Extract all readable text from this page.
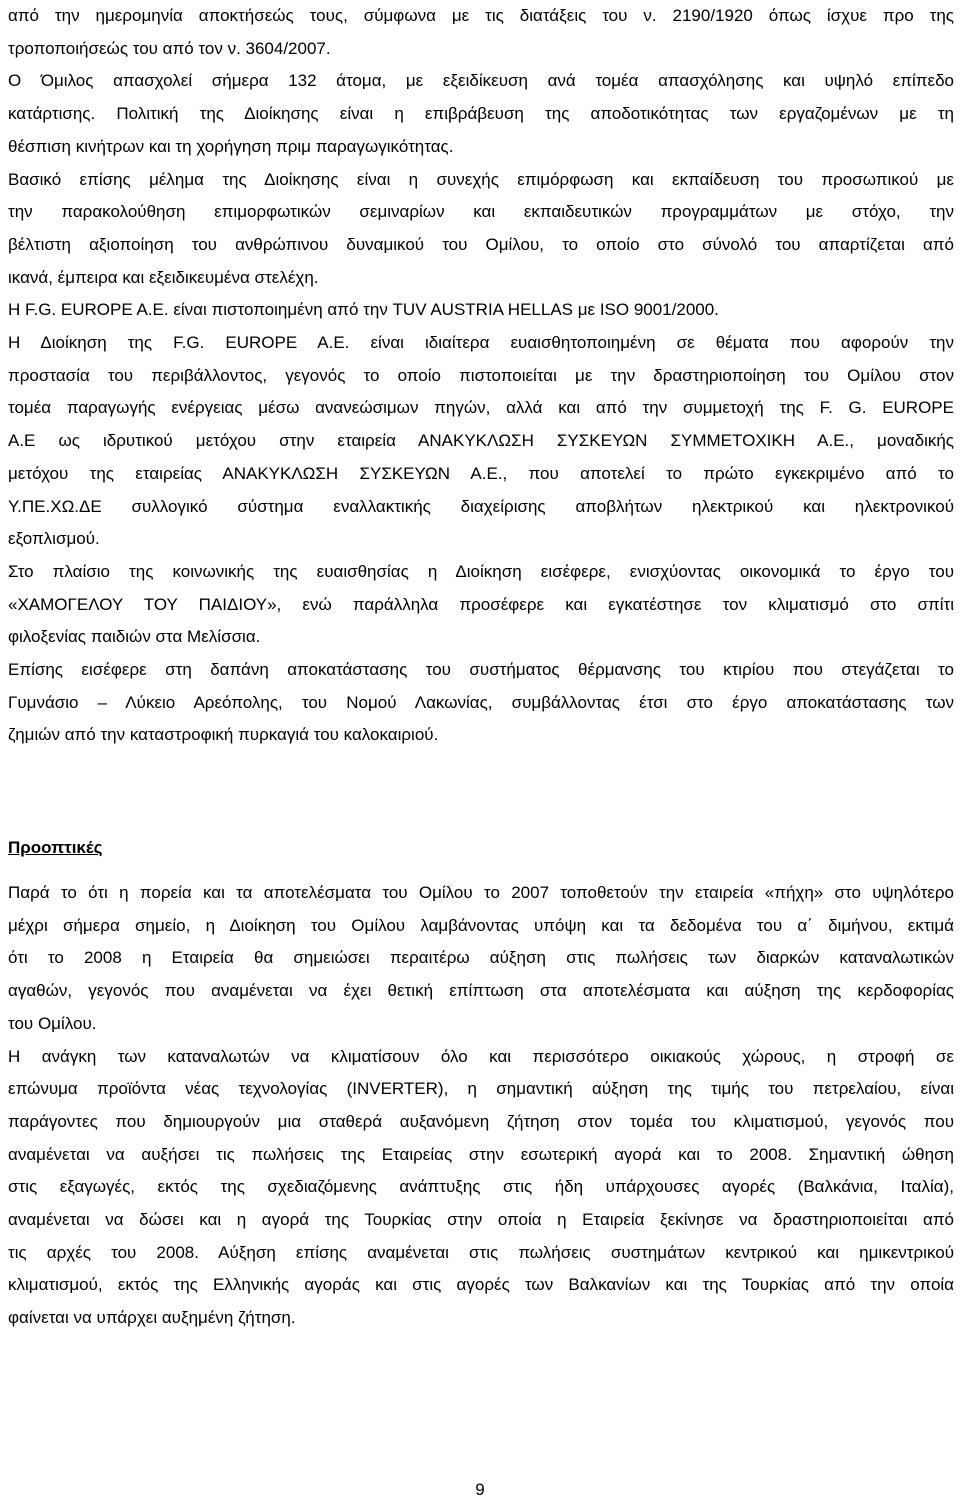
από την ημερομηνία αποκτήσεώς τους, σύμφωνα με τις διατάξεις του ν. 2190/1920 όπως ίσχυε προ της
τροποποιήσεώς του από τον ν. 3604/2007.
Ο Όμιλος απασχολεί σήμερα 132 άτομα, με εξειδίκευση ανά τομέα απασχόλησης και υψηλό επίπεδο
κατάρτισης. Πολιτική της Διοίκησης είναι η επιβράβευση της αποδοτικότητας των εργαζομένων με τη
θέσπιση κινήτρων και τη χορήγηση πριμ παραγωγικότητας.
Βασικό επίσης μέλημα της Διοίκησης είναι η συνεχής επιμόρφωση και εκπαίδευση του προσωπικού με
την παρακολούθηση επιμορφωτικών σεμιναρίων και εκπαιδευτικών προγραμμάτων με στόχο, την
βέλτιστη αξιοποίηση του ανθρώπινου δυναμικού του Ομίλου, το οποίο στο σύνολό του απαρτίζεται από
ικανά, έμπειρα και εξειδικευμένα στελέχη.
Η F.G. EUROPE A.E. είναι πιστοποιημένη από την TUV AUSTRIA HELLAS με ISO 9001/2000.
Η Διοίκηση της F.G. EUROPE A.E. είναι ιδιαίτερα ευαισθητοποιημένη σε θέματα που αφορούν την
προστασία του περιβάλλοντος, γεγονός το οποίο πιστοποιείται με την δραστηριοποίηση του Ομίλου στον
τομέα παραγωγής ενέργειας μέσω ανανεώσιμων πηγών, αλλά και από την συμμετοχή της F. G. EUROPE
A.E ως ιδρυτικού μετόχου στην εταιρεία ΑΝΑΚΥΚΛΩΣΗ ΣΥΣΚΕΥΩΝ ΣΥΜΜΕΤΟΧΙΚΗ Α.Ε., μοναδικής
μετόχου της εταιρείας ΑΝΑΚΥΚΛΩΣΗ ΣΥΣΚΕΥΩΝ Α.Ε., που αποτελεί το πρώτο εγκεκριμένο από το
Υ.ΠΕ.ΧΩ.ΔΕ συλλογικό σύστημα εναλλακτικής διαχείρισης αποβλήτων ηλεκτρικού και ηλεκτρονικού
εξοπλισμού.
Στο πλαίσιο της κοινωνικής της ευαισθησίας η Διοίκηση εισέφερε, ενισχύοντας οικονομικά το έργο του
«ΧΑΜΟΓΕΛΟΥ ΤΟΥ ΠΑΙΔΙΟΥ», ενώ παράλληλα προσέφερε και εγκατέστησε τον κλιματισμό στο σπίτι
φιλοξενίας παιδιών στα Μελίσσια.
Επίσης εισέφερε στη δαπάνη αποκατάστασης του συστήματος θέρμανσης του κτιρίου που στεγάζεται το
Γυμνάσιο – Λύκειο Αρεόπολης, του Νομού Λακωνίας, συμβάλλοντας έτσι στο έργο αποκατάστασης των
ζημιών από την καταστροφική πυρκαγιά του καλοκαιριού.
Προοπτικές
Παρά το ότι η πορεία και τα αποτελέσματα του Ομίλου το 2007 τοποθετούν την εταιρεία «πήχη» στο υψηλότερο
μέχρι σήμερα σημείο, η Διοίκηση του Ομίλου λαμβάνοντας υπόψη και τα δεδομένα του α΄ διμήνου, εκτιμά
ότι το 2008 η Εταιρεία θα σημειώσει περαιτέρω αύξηση στις πωλήσεις των διαρκών καταναλωτικών
αγαθών, γεγονός που αναμένεται να έχει θετική επίπτωση στα αποτελέσματα και αύξηση της κερδοφορίας
του Ομίλου.
Η ανάγκη των καταναλωτών να κλιματίσουν όλο και περισσότερο οικιακούς χώρους, η στροφή σε
επώνυμα προϊόντα νέας τεχνολογίας (INVERTER), η σημαντική αύξηση της τιμής του πετρελαίου, είναι
παράγοντες που δημιουργούν μια σταθερά αυξανόμενη ζήτηση στον τομέα του κλιματισμού, γεγονός που
αναμένεται να αυξήσει τις πωλήσεις της Εταιρείας στην εσωτερική αγορά και το 2008. Σημαντική ώθηση
στις εξαγωγές, εκτός της σχεδιαζόμενης ανάπτυξης στις ήδη υπάρχουσες αγορές (Βαλκάνια, Ιταλία),
αναμένεται να δώσει και η αγορά της Τουρκίας στην οποία η Εταιρεία ξεκίνησε να δραστηριοποιείται από
τις αρχές του 2008. Αύξηση επίσης αναμένεται στις πωλήσεις συστημάτων κεντρικού και ημικεντρικού
κλιματισμού, εκτός της Ελληνικής αγοράς και στις αγορές των Βαλκανίων και της Τουρκίας από την οποία
φαίνεται να υπάρχει αυξημένη ζήτηση.
9
